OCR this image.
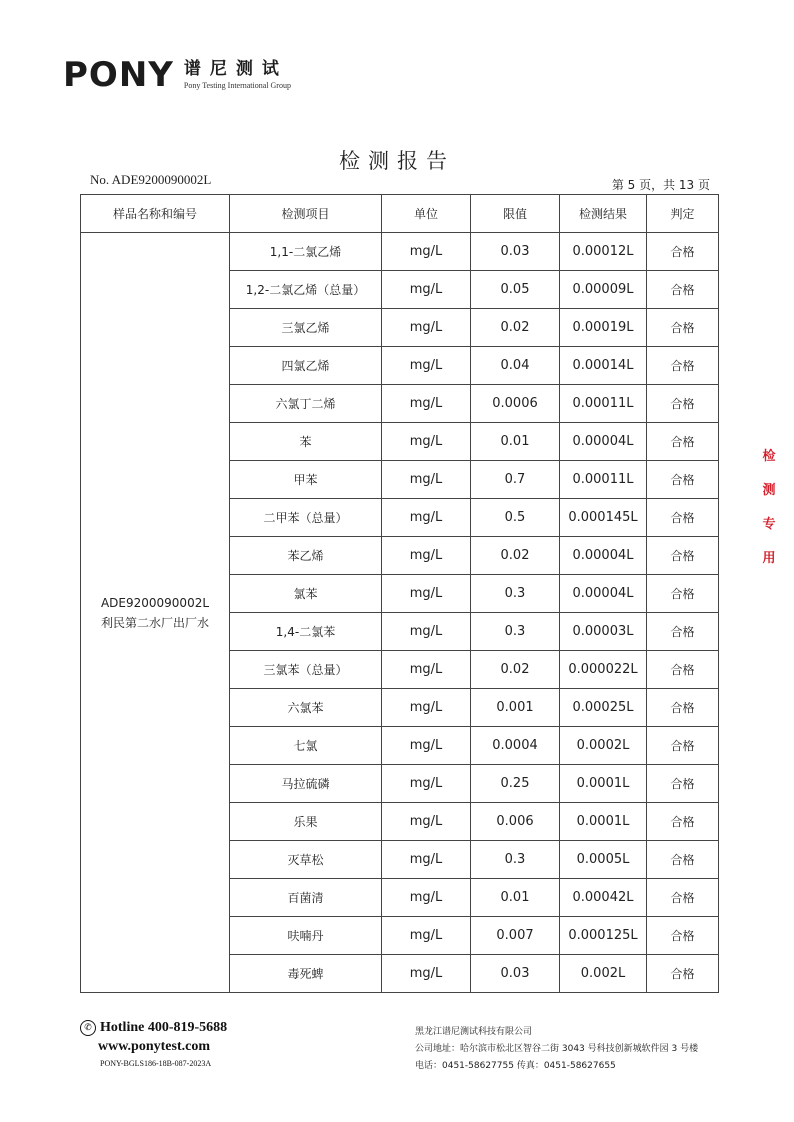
PONY 谱尼测试
Pony Testing International Group
检测报告
No. ADE9200090002L	第 5 页，共 13 页
样品名称和编号	检测项目	单位	限值	检测结果	判定

ADE9200090002L
利民第二水厂出厂水	1,1-二氯乙烯	mg/L	0.03	0.00012L	合格
	1,2-二氯乙烯（总量）	mg/L	0.05	0.00009L	合格
	三氯乙烯	mg/L	0.02	0.00019L	合格
	四氯乙烯	mg/L	0.04	0.00014L	合格
	六氯丁二烯	mg/L	0.0006	0.00011L	合格
	苯	mg/L	0.01	0.00004L	合格
	甲苯	mg/L	0.7	0.00011L	合格
	二甲苯（总量）	mg/L	0.5	0.000145L	合格
	苯乙烯	mg/L	0.02	0.00004L	合格
	氯苯	mg/L	0.3	0.00004L	合格
	1,4-二氯苯	mg/L	0.3	0.00003L	合格
	三氯苯（总量）	mg/L	0.02	0.000022L	合格
	六氯苯	mg/L	0.001	0.00025L	合格
	七氯	mg/L	0.0004	0.0002L	合格
	马拉硫磷	mg/L	0.25	0.0001L	合格
	乐果	mg/L	0.006	0.0001L	合格
	灭草松	mg/L	0.3	0.0005L	合格
	百菌清	mg/L	0.01	0.00042L	合格
	呋喃丹	mg/L	0.007	0.000125L	合格
	毒死蜱	mg/L	0.03	0.002L	合格
✆ Hotline 400-819-5688
www.ponytest.com
PONY-BGLS186-18B-087-2023A
黑龙江谱尼测试科技有限公司
公司地址：哈尔滨市松北区智谷二街 3043 号科技创新城软件园 3 号楼
电话：0451-58627755 传真：0451-58627655
检测专用
